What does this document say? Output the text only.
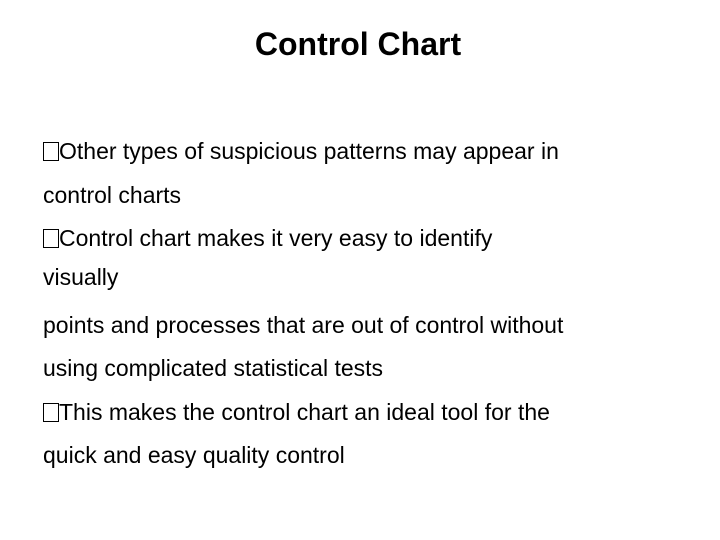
Control Chart
Other types of suspicious patterns may appear in
control charts
Control chart makes it very easy to identify
visually
points and processes that are out of control without
using complicated statistical tests
This makes the control chart an ideal tool for the
quick and easy quality control
